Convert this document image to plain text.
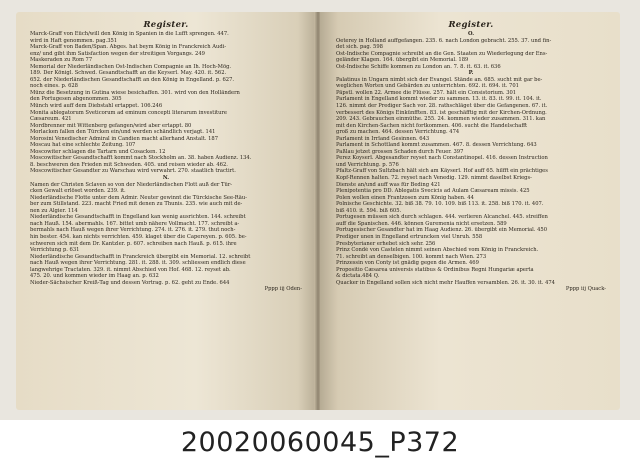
Register.
Marck-Graff von Eüch/will den König in Spanien in die Lufft sprengen. 447.
wird in Haft genommen. pag.351
Marck-Graff von Baden/Span. Abges. hat beym König in Franckreich Audi-
enz/ und gibt ihm Satisfaction wegen der streitigen Vorgangs. 249
Maskeraden zu Rom 77
Memorial der Niederländischen Ost-Indischen Compagnie an Ih. Hoch-Mög.
189. Der Königl. Schwed. Gesandtschafft an die Keyserl. May. 420. it. 562.
652. der Niederländischen Gesandtschafft an den König in Engelland. p. 627.
noch eines. p. 628
Münz die Besetzung in Gutina wiese besichaffen. 301. wird von den Holländern
den Portugesen abgenommen. 305
Münch wird auff dem Diebstahl ertappet. 106.246
Monita ablegatorum Sveticorum ad eminum concepti literarum investiture
Cæsareum. 421
Mordbrenner mit Wittenberg gefangen/wird aber ertappt. 80
Morlacken fallen den Türcken ein/und werden schändlich verjagt. 141
Morosini Venedischer Admiral in Candien macht allerhand Anstalt. 187
Moscau hat eine schlechte Zeitung. 107
Moscowiter schlagen die Tartarn und Cosacken. 12
Moscowitischer Gesandtschafft kommt nach Stockholm an. 38. haben Audienz. 134.
8. beschweren den Frieden mit Schweden. 405. und reisen wieder ab. 462.
Moscowitischer Gesandter zu Warschau wird verwahrt. 270. staatlich tractirt.
N.
Namen der Christen Sclaven so von der Niederländischen Flott auß der Tür-
cken Gewalt erlöset worden. 239. it.
Niederländische Flotte unter dem Admir. Neuter gewinnt die Türckische See-Räu-
ber zum Stillstand. 223. macht Fried mit denen zu Thunis. 235. wie auch mit de-
nen zu Algier. 114
Niederländische Gesandtschafft in Engelland kan wenig ausrichten. 144. schreibt
nach Hauß. 154. abermahls. 167. bittet umb nähere Vollmacht. 177. schreibt a-
bermahls nach Hauß wegen ihrer Verrichtung. 274. it. 276. it. 279. thut noch-
hin bester. 454. kan nichts verrichten. 459. klaget über die Capereyen. p. 605. be-
schweren sich mit dem Dr. Kantzler. p. 607. schreiben nach Hauß. p. 615. ihre
Verrichtung p. 631
Niederländische Gesandtschafft in Franckreich übergibt ein Memorial. 12. schreibt
nach Hauß wegen ihrer Verrichtung. 281. it. 288. it. 309. schliessen endlich diese
langwehrige Tractaten. 329. it. nimmt Abschied von Hof. 468. 12. reyset ab.
475. 20. und kommen wieder im Haag an. p. 632
Nieder-Sächsischer Kreiß-Tag und dessen Vortrag. p. 62. geht zu Ende. 644
Pppp iij Oden-
Register.
O.
Oeterey in Holland auffgefangen. 235. 6. nach London gebracht. 255. 37. und fin-
det sich. pag. 598
Ost-Indische Compagnie schreibt an die Gen. Staaten zu Wiederlegung der Ens-
geländer Klagen. 164. übergibt ein Memorial. 189
Ost-Indische Schiffe kommen zu London an. 7. 8. it. 63. it. 636
P.
Palatinus in Ungarn nimbt sich der Evangel. Stände an. 685. sucht mit gar be-
weglichen Worten und Gebärden zu unterrichten. 692. it. 694. it. 701
Päpstl. wollen 22. Armee die Flüsse. 257. hält ein Consistorium. 301
Parlament in Engelland kommt wieder zu sammen. 13. it. 83. it. 99. it. 104. it.
126. nimmt der Prediger Sach vor. 28. rathschläget über die Gefangenen. 67. it.
verbessert des Königs Einkünfften. 83. ist geschäfftig mit der Kirchen-Ordnung.
209. 243. Gebrauchen einmüthe. 255. 24. kommen wieder zusammen. 311. kan
mit den Kirchen-Sachen nicht fortkommen. 406. sucht die Handelschafft
groß zu machen. 464. dessen Verrichtung. 474
Parlament in Irrland Gesinnen. 643
Parlament in Schottland kommt zusammen. 467. 8. dessen Verrichtung. 643
Paßlau jetzet grossen Schaden durch Feuer. 397
Perez Koyserl. Abgesandter reyset nach Constantinopel. 416. dessen Instruction
und Verrichtung. p. 576
Pfaltz-Graff von Sultzbach hält sich am Käyserl. Hof auff 65. hilfft ein prächtiges
Kopf-Rennen halten. 72. reyset nach Venedig. 129. nimmt daselbst Kriegs-
Dienste an/und auff was für Beding 421
Plenipotentia pro DD. Ablegatis Svecicis ad Aulam Cæsaream missis. 425
Polen wollen einen Frantzosen zum König haben. 44
Polnische Geschichte. 32. biß 38. 79. 10. 109. biß 113. it. 258. biß 170. it. 407.
biß 410. it. 594. biß 605.
Portugesen müssen sich durch schlagen. 444. verlieren Alcanchel. 445. streiffen
auff die Spanischen. 446. können Guremenia nicht ersetzen. 589
Portugesischer Gesandter hat im Haag Audienz. 26. übergibt ein Memorial. 450
Prediger unen in Engelland ertruncken viel Unruh. 558
Presbyterianer erhebet sich sehr. 256
Prinz Condé von Castelen nimmt seinen Abschied vom König in Franckreich.
71. schreibt an denselbigen. 100. kommt nach Wien. 273
Prinzessin von Conty ist gnädig gegen die Armen. 469
Propositio Cæsarea universis statibus & Ordinibus Regni Hungariæ aperta
& dictata.484 Q.
Quacker in Engelland sollen sich nicht mehr Hauffen versamblen. 26. it. 30. it. 474
Pppp iij Quack-
20020060045_P372
